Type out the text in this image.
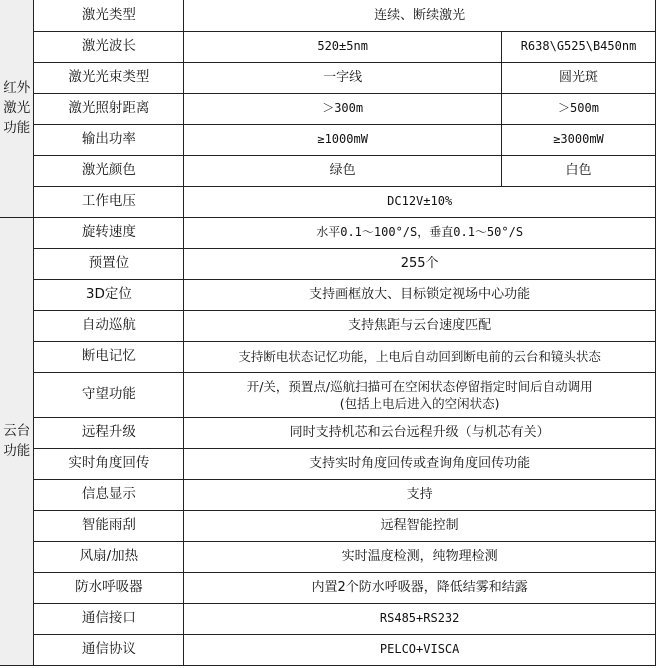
红外激光功能	激光类型	连续、断续激光	
	激光波长	520±5nm	R638\G525\B450nm
	激光光束类型	一字线	圆光斑
	激光照射距离	＞300m	＞500m
	输出功率	≥1000mW	≥3000mW
	激光颜色	绿色	白色
	工作电压	DC12V±10%	
云台功能	旋转速度	水平0.1～100°/S，垂直0.1～50°/S	
	预置位	255个	
	3D定位	支持画框放大、目标锁定视场中心功能	
	自动巡航	支持焦距与云台速度匹配	
	断电记忆	支持断电状态记忆功能，上电后自动回到断电前的云台和镜头状态	
	守望功能	开/关，预置点/巡航扫描可在空闲状态停留指定时间后自动调用
(包括上电后进入的空闲状态)	

	远程升级	同时支持机芯和云台远程升级（与机芯有关）	
	实时角度回传	支持实时角度回传或查询角度回传功能	
	信息显示	支持	
	智能雨刮	远程智能控制	
	风扇/加热	实时温度检测，纯物理检测	
	防水呼吸器	内置2个防水呼吸器，降低结雾和结露	
	通信接口	RS485+RS232	
	通信协议	PELCO+VISCA	
